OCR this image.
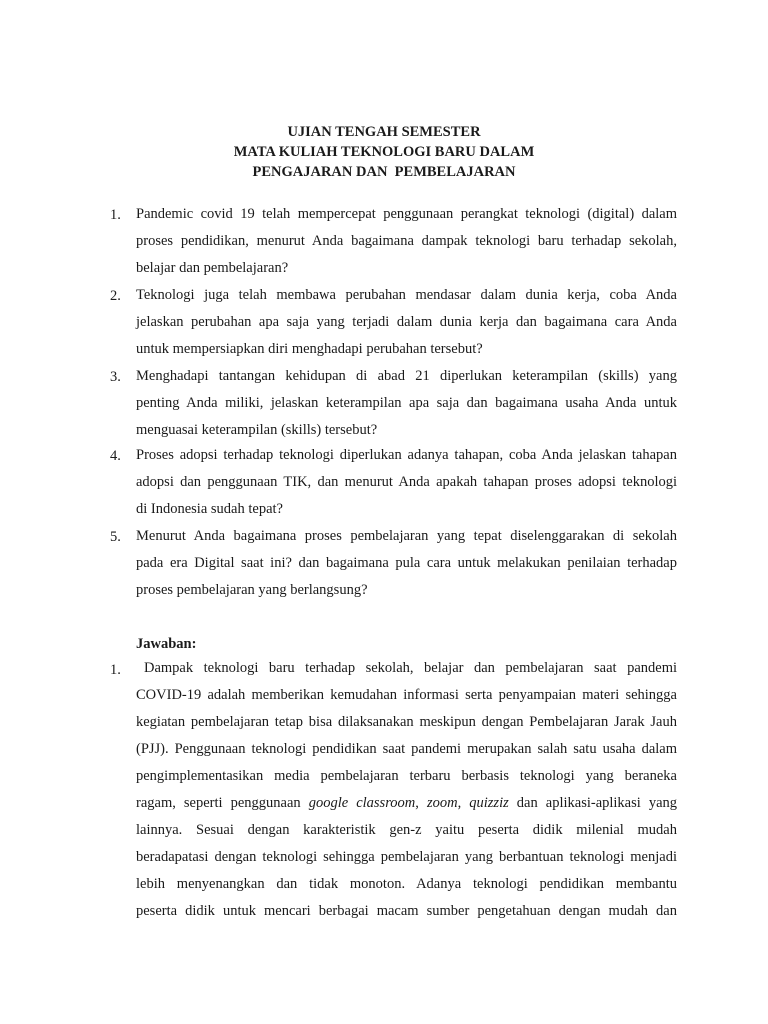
UJIAN TENGAH SEMESTER
MATA KULIAH TEKNOLOGI BARU DALAM
PENGAJARAN DAN  PEMBELAJARAN
1. Pandemic covid 19 telah mempercepat penggunaan perangkat teknologi (digital) dalam
proses pendidikan, menurut Anda bagaimana dampak teknologi baru terhadap sekolah,
belajar dan pembelajaran?
2. Teknologi juga telah membawa perubahan mendasar dalam dunia kerja, coba Anda
jelaskan perubahan apa saja yang terjadi dalam dunia kerja dan bagaimana cara Anda
untuk mempersiapkan diri menghadapi perubahan tersebut?
3. Menghadapi tantangan kehidupan di abad 21 diperlukan keterampilan (skills) yang
penting Anda miliki, jelaskan keterampilan apa saja dan bagaimana usaha Anda untuk
menguasai keterampilan (skills) tersebut?
4. Proses adopsi terhadap teknologi diperlukan adanya tahapan, coba Anda jelaskan tahapan
adopsi dan penggunaan TIK, dan menurut Anda apakah tahapan proses adopsi teknologi
di Indonesia sudah tepat?
5. Menurut Anda bagaimana proses pembelajaran yang tepat diselenggarakan di sekolah
pada era Digital saat ini? dan bagaimana pula cara untuk melakukan penilaian terhadap
proses pembelajaran yang berlangsung?
Jawaban:
1.	Dampak teknologi baru terhadap sekolah, belajar dan pembelajaran saat pandemi
COVID-19 adalah memberikan kemudahan informasi serta penyampaian materi sehingga
kegiatan pembelajaran tetap bisa dilaksanakan meskipun dengan Pembelajaran Jarak Jauh
(PJJ). Penggunaan teknologi pendidikan saat pandemi merupakan salah satu usaha dalam
pengimplementasikan media pembelajaran terbaru berbasis teknologi yang beraneka
ragam, seperti penggunaan google classroom, zoom, quizziz dan aplikasi-aplikasi yang
lainnya. Sesuai dengan karakteristik gen-z yaitu peserta didik milenial mudah
beradapatasi dengan teknologi sehingga pembelajaran yang berbantuan teknologi menjadi
lebih menyenangkan dan tidak monoton. Adanya teknologi pendidikan membantu
peserta didik untuk mencari berbagai macam sumber pengetahuan dengan mudah dan
